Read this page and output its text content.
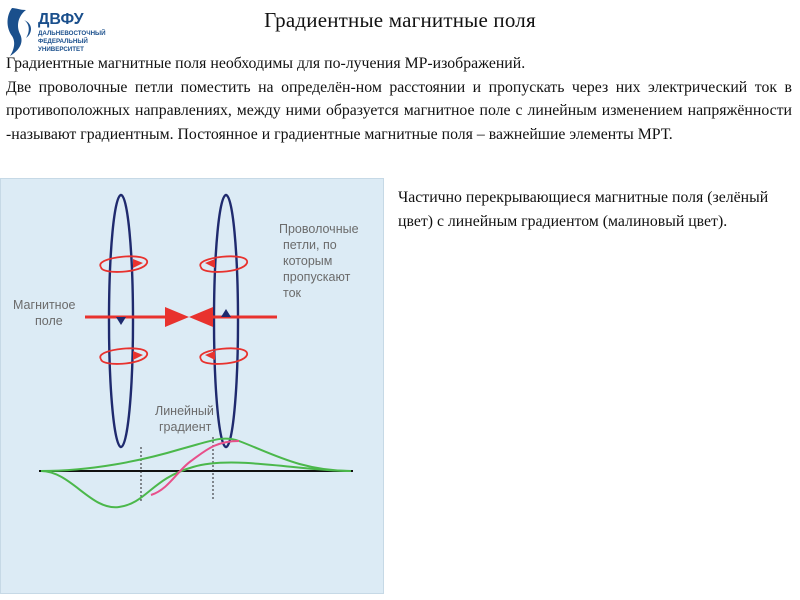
ДВФУ
ДАЛЬНЕВОСТОЧНЫЙ
ФЕДЕРАЛЬНЫЙ
УНИВЕРСИТЕТ
Градиентные магнитные поля

Градиентные магнитные поля необходимы для по-лучения МР-изображений.

Две проволочные петли поместить на определён-ном расстоянии и пропускать через них электрический ток в противоположных направлениях, между ними образуется магнитное поле с линейным изменением напряжённости -называют градиентным. Постоянное и градиентные магнитные поля – важнейшие элементы МРТ.

Проволочные
петли, по
которым
пропускают
ток
Магнитное
поле
Линейный
градиент

Частично перекрывающиеся магнитные поля (зелёный цвет) с линейным градиентом (малиновый цвет).
